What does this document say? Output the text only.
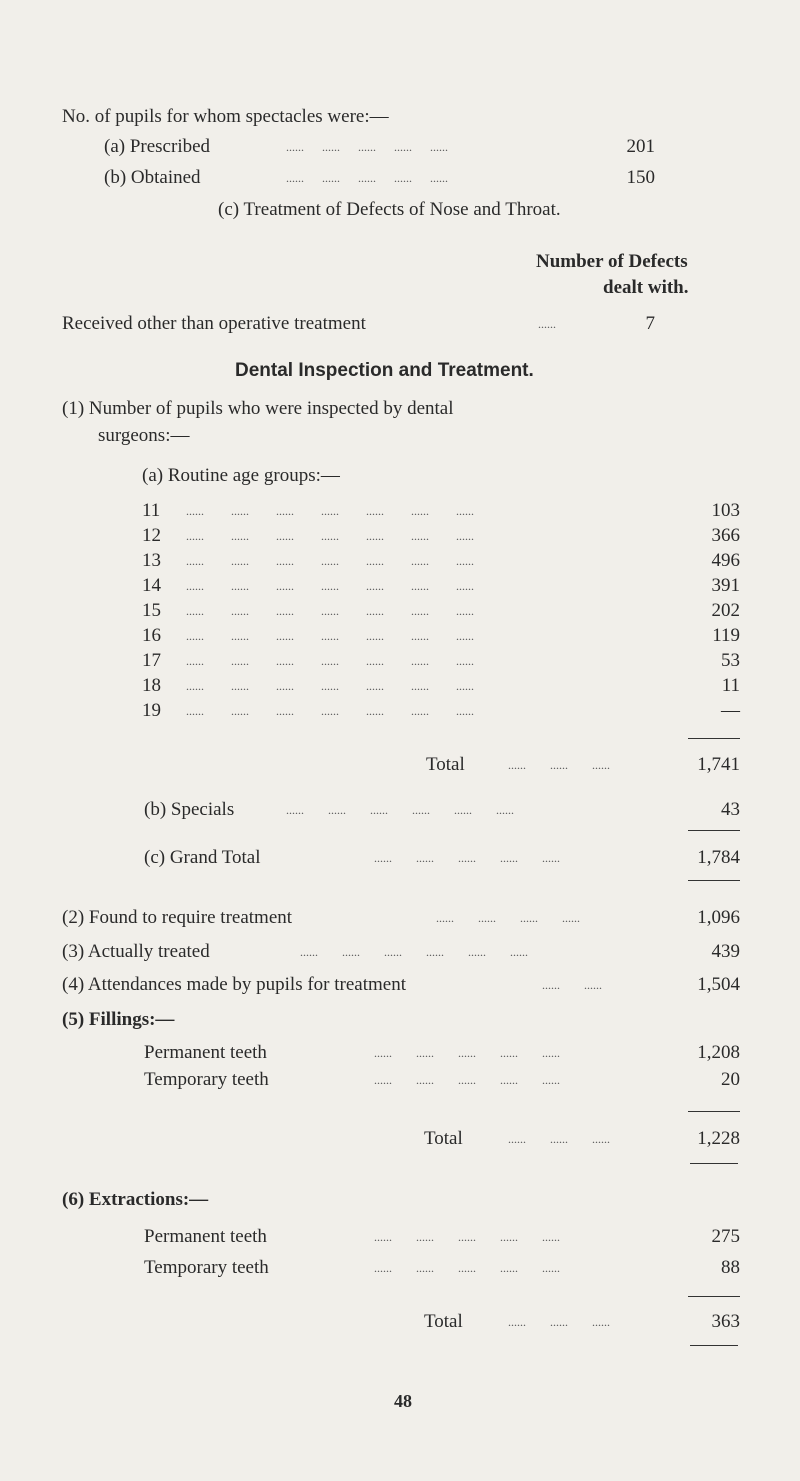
No. of pupils for whom spectacles were:—
(a) Prescribed	...... ...... ...... ...... ......	201
(b) Obtained	...... ...... ...... ...... ......	150
(c) Treatment of Defects of Nose and Throat.
Number of Defects
dealt with.
Received other than operative treatment	......	7
Dental Inspection and Treatment.
(1) Number of pupils who were inspected by dental
surgeons:—
(a) Routine age groups:—
11	103
12	366
13	496
14	391
15	202
16	119
17	53
18	11
19	—
...... ...... ...... ...... ...... ...... ......
...... ...... ...... ...... ...... ...... ......
...... ...... ...... ...... ...... ...... ......
...... ...... ...... ...... ...... ...... ......
...... ...... ...... ...... ...... ...... ......
...... ...... ...... ...... ...... ...... ......
...... ...... ...... ...... ...... ...... ......
...... ...... ...... ...... ...... ...... ......
...... ...... ...... ...... ...... ...... ......
Total	...... ...... ......	1,741
(b) Specials	...... ...... ...... ...... ...... ......	43
(c) Grand Total	...... ...... ...... ...... ......	1,784
(2) Found to require treatment	...... ...... ...... ......	1,096
(3) Actually treated	...... ...... ...... ...... ...... ......	439
(4) Attendances made by pupils for treatment	...... ......	1,504
(5) Fillings:—
Permanent teeth	...... ...... ...... ...... ......	1,208
Temporary teeth	...... ...... ...... ...... ......	20
Total	...... ...... ......	1,228
(6) Extractions:—
Permanent teeth	...... ...... ...... ...... ......	275
Temporary teeth	...... ...... ...... ...... ......	88
Total	...... ...... ......	363
48
